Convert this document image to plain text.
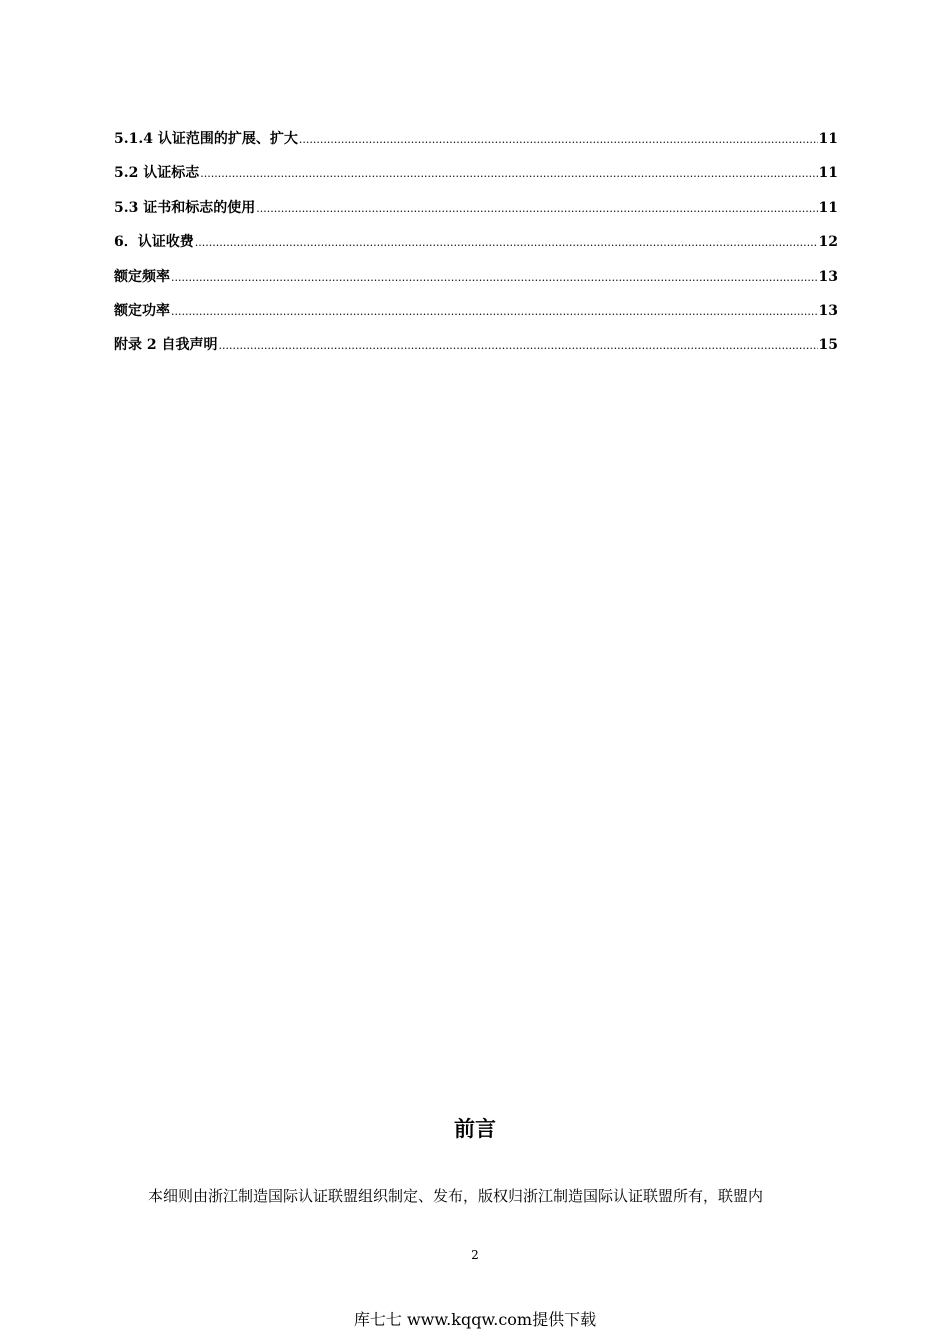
5.1.4 认证范围的扩展、扩大 .....	11
5.2 认证标志 .....	11
5.3 证书和标志的使用 .....	11
6．认证收费 .....	12
额定频率 .....	13
额定功率 .....	13
附录 2 自我声明 .....	15
前言
本细则由浙江制造国际认证联盟组织制定、发布，版权归浙江制造国际认证联盟所有，联盟内
2
库七七 www.kqqw.com提供下载
